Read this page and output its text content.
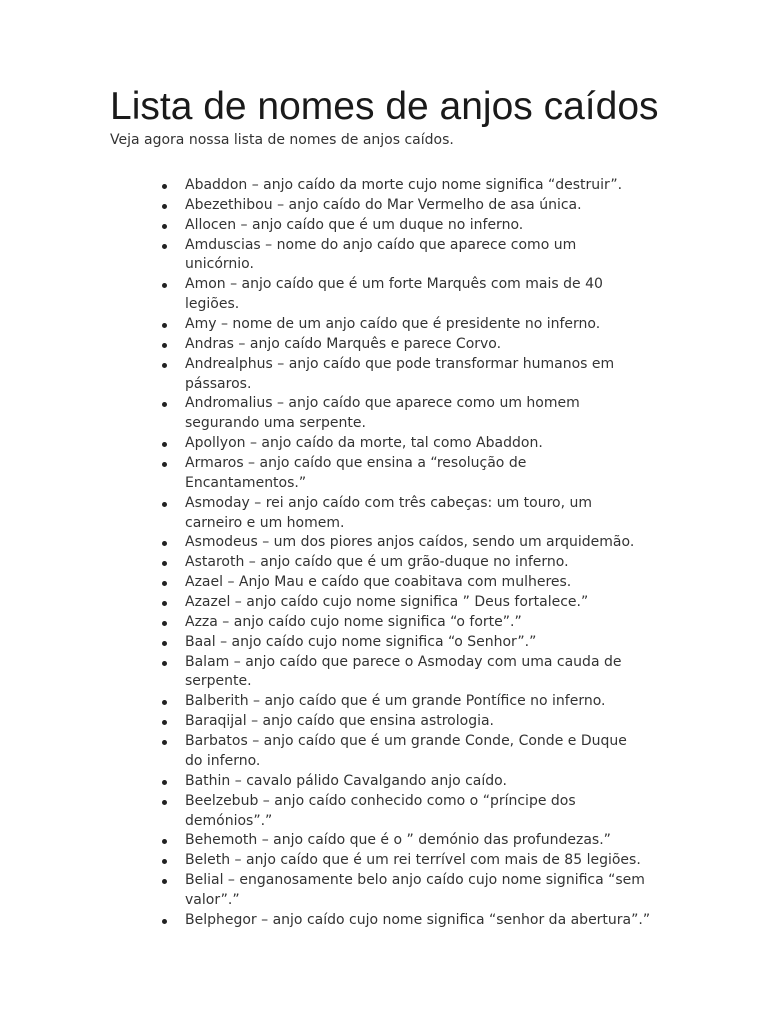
Lista de nomes de anjos caídos

Veja agora nossa lista de nomes de anjos caídos.

Abaddon – anjo caído da morte cujo nome significa “destruir”.
Abezethibou – anjo caído do Mar Vermelho de asa única.
Allocen – anjo caído que é um duque no inferno.
Amduscias – nome do anjo caído que aparece como um
unicórnio.
Amon – anjo caído que é um forte Marquês com mais de 40
legiões.
Amy – nome de um anjo caído que é presidente no inferno.
Andras – anjo caído Marquês e parece Corvo.
Andrealphus – anjo caído que pode transformar humanos em
pássaros.
Andromalius – anjo caído que aparece como um homem
segurando uma serpente.
Apollyon – anjo caído da morte, tal como Abaddon.
Armaros – anjo caído que ensina a “resolução de
Encantamentos.”
Asmoday – rei anjo caído com três cabeças: um touro, um
carneiro e um homem.
Asmodeus – um dos piores anjos caídos, sendo um arquidemão.
Astaroth – anjo caído que é um grão-duque no inferno.
Azael – Anjo Mau e caído que coabitava com mulheres.
Azazel – anjo caído cujo nome significa ” Deus fortalece.”
Azza – anjo caído cujo nome significa “o forte”.”
Baal – anjo caído cujo nome significa “o Senhor”.”
Balam – anjo caído que parece o Asmoday com uma cauda de
serpente.
Balberith – anjo caído que é um grande Pontífice no inferno.
Baraqijal – anjo caído que ensina astrologia.
Barbatos – anjo caído que é um grande Conde, Conde e Duque
do inferno.
Bathin – cavalo pálido Cavalgando anjo caído.
Beelzebub – anjo caído conhecido como o “príncipe dos
demónios”.”
Behemoth – anjo caído que é o ” demónio das profundezas.”
Beleth – anjo caído que é um rei terrível com mais de 85 legiões.
Belial – enganosamente belo anjo caído cujo nome significa “sem
valor”.”
Belphegor – anjo caído cujo nome significa “senhor da abertura”.”
